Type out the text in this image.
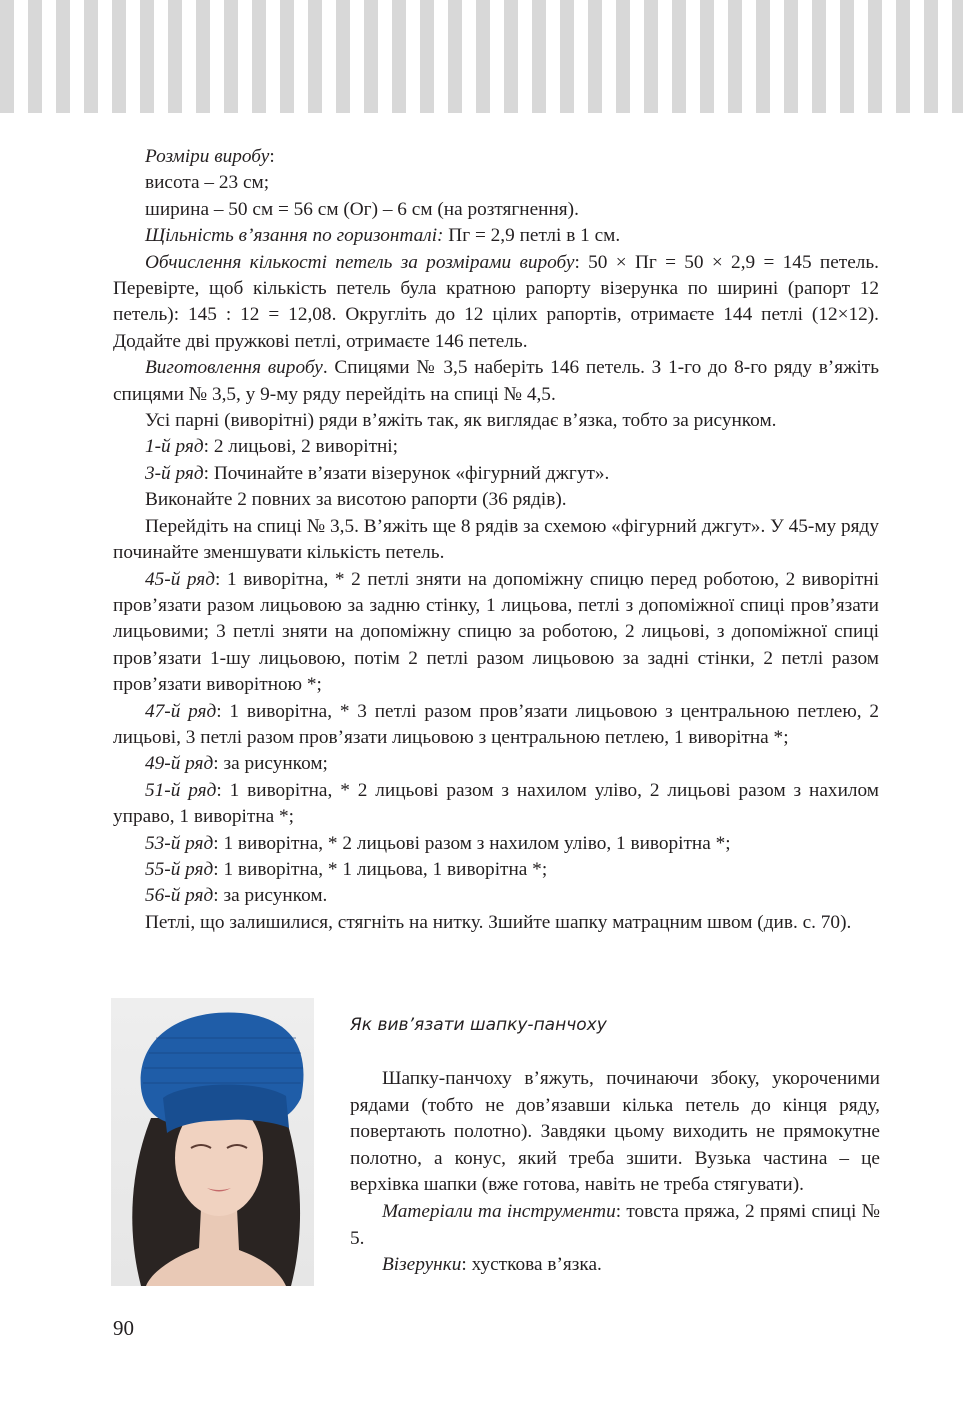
Розміри виробу:

висота – 23 см;

ширина – 50 см = 56 см (Ог) – 6 см (на розтягнення).

Щільність в’язання по горизонталі: Пг = 2,9 петлі в 1 см.

Обчислення кількості петель за розмірами виробу: 50 × Пг = 50 × 2,9 = 145 петель. Перевірте, щоб кількість петель була кратною рапорту візерунка по ширині (рапорт 12 петель): 145 : 12 = 12,08. Округліть до 12 цілих рапортів, отримаєте 144 петлі (12×12). Додайте дві пружкові петлі, отримаєте 146 петель.

Виготовлення виробу. Спицями № 3,5 наберіть 146 петель. З 1-го до 8-го ряду в’яжіть спицями № 3,5, у 9-му ряду перейдіть на спиці № 4,5.

Усі парні (виворітні) ряди в’яжіть так, як виглядає в’язка, тобто за рисунком.

1-й ряд: 2 лицьові, 2 виворітні;

3-й ряд: Починайте в’язати візерунок «фігурний джгут».

Виконайте 2 повних за висотою рапорти (36 рядів).

Перейдіть на спиці № 3,5. В’яжіть ще 8 рядів за схемою «фігурний джгут». У 45-му ряду починайте зменшувати кількість петель.

45-й ряд: 1 виворітна, * 2 петлі зняти на допоміжну спицю перед роботою, 2 виворітні пров’язати разом лицьовою за задню стінку, 1 лицьова, петлі з допоміжної спиці пров’язати лицьовими; 3 петлі зняти на допоміжну спицю за роботою, 2 лицьові, з допоміжної спиці пров’язати 1-шу лицьовою, потім 2 петлі разом лицьовою за задні стінки, 2 петлі разом пров’язати виворітною *;

47-й ряд: 1 виворітна, * 3 петлі разом пров’язати лицьовою з центральною петлею, 2 лицьові, 3 петлі разом пров’язати лицьовою з центральною петлею, 1 виворітна *;

49-й ряд: за рисунком;

51-й ряд: 1 виворітна, * 2 лицьові разом з нахилом уліво, 2 лицьові разом з нахилом управо, 1 виворітна *;

53-й ряд: 1 виворітна, * 2 лицьові разом з нахилом уліво, 1 виворітна *;

55-й ряд: 1 виворітна, * 1 лицьова, 1 виворітна *;

56-й ряд: за рисунком.

Петлі, що залишилися, стягніть на нитку. Зшийте шапку матрацним швом (див. с. 70).

Як вив’язати шапку-панчоху

Шапку-панчоху в’яжуть, починаючи збоку, укороченими рядами (тобто не дов’язавши кілька петель до кінця ряду, повертають полотно). Завдяки цьому виходить не прямокутне полотно, а конус, який треба зшити. Вузька частина – це верхівка шапки (вже готова, навіть не треба стягувати).

Матеріали та інструменти: товста пряжа, 2 прямі спиці № 5.

Візерунки: хусткова в’язка.

90
